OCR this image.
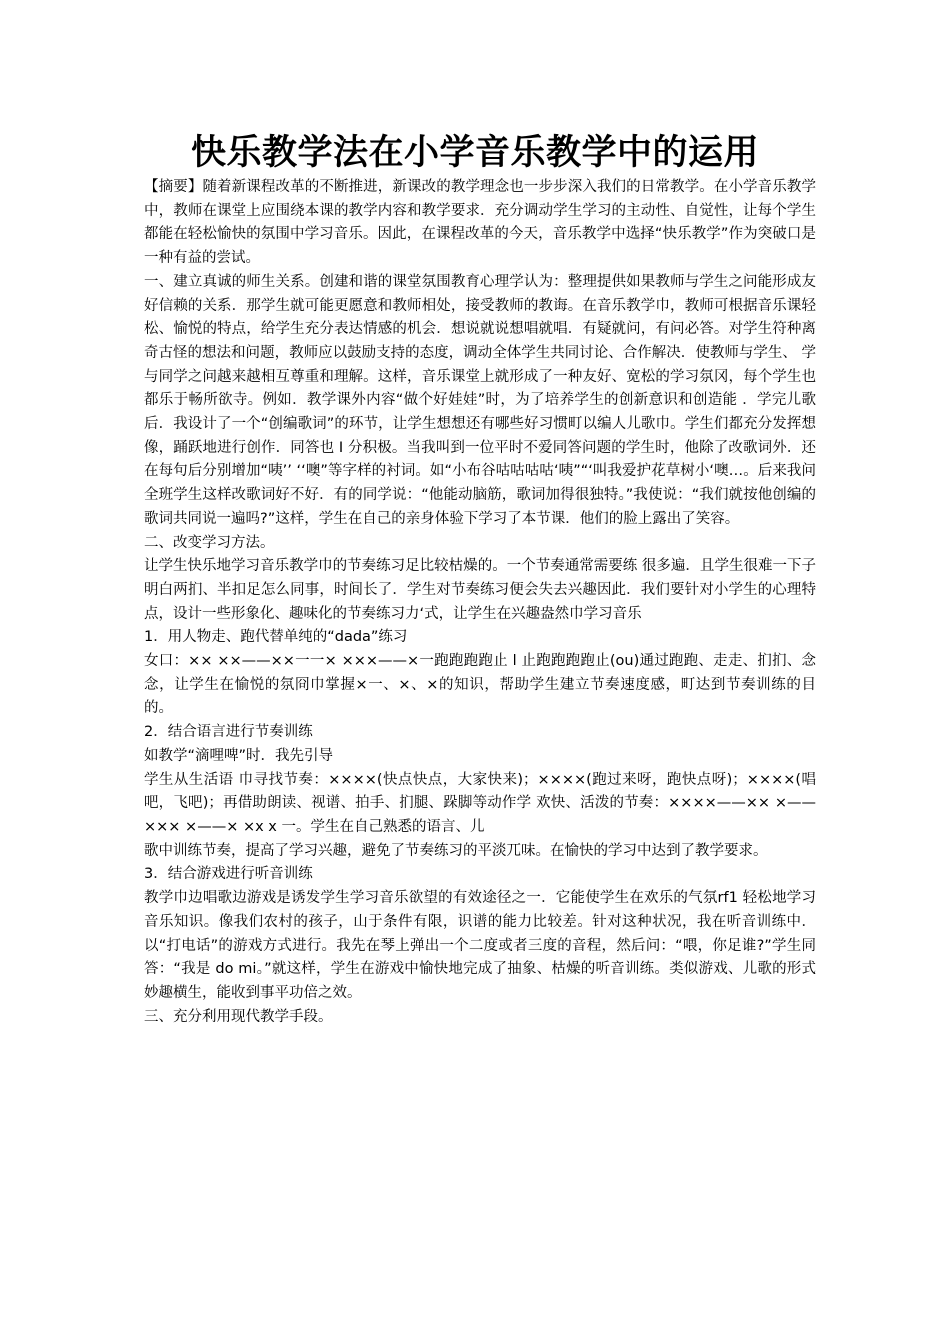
快乐教学法在小学音乐教学中的运用

【摘要】随着新课程改革的不断推进，新课改的教学理念也一步步深入我们的日常教学。在小学音乐教学中，教师在课堂上应围绕本课的教学内容和教学要求．充分调动学生学习的主动性、自觉性，让每个学生都能在轻松愉快的氛围中学习音乐。因此，在课程改革的今天，音乐教学中选择“快乐教学”作为突破口是一种有益的尝试。

一、建立真诚的师生关系。创建和谐的课堂氛围教育心理学认为：整理提供如果教师与学生之问能形成友好信赖的关系．那学生就可能更愿意和教师相处，接受教师的教诲。在音乐教学巾，教师可根据音乐课轻松、愉悦的特点，给学生充分表达情感的机会．想说就说想唱就唱．有疑就问，有问必答。对学生符种离奇古怪的想法和问题，教师应以鼓励支持的态度，调动全体学生共同讨论、合作解决．使教师与学生、 学与同学之问越来越相互尊重和理解。这样，音乐课堂上就形成了一种友好、宽松的学习氛冈，每个学生也都乐于畅所欲寺。例如．教学课外内容“做个好娃娃”时，为了培养学生的创新意识和创造能 ．学完儿歌后．我设计了一个“创编歌词”的环节，让学生想想还有哪些好习惯町以编人儿歌巾。学生们都充分发挥想像，踊跃地进行创作．同答也 I 分积极。当我叫到一位平时不爱同答问题的学生时，他除了改歌词外．还在每句后分别增加“咦’’ ‘‘噢”等字样的衬词。如“小布谷咕咕咕咕‘咦”“‘叫我爱护花草树小‘噢…。后来我问全班学生这样改歌词好不好．有的同学说：“他能动脑筋，歌词加得很独特。”我使说：“我们就按他创编的歌词共同说一遍吗?”这样，学生在自己的亲身体验下学习了本节课．他们的脸上露出了笑容。

二、改变学习方法。

让学生快乐地学习音乐教学巾的节奏练习足比较枯燥的。一个节奏通常需要练 很多遍．且学生很难一下子明白两扪、半扣足怎么同事，时间长了．学生对节奏练习便会失去兴趣因此．我们要针对小学生的心理特点，设计一些形象化、趣味化的节奏练习力‘式，让学生在兴趣盎然巾学习音乐

1．用人物走、跑代替单纯的“dada”练习

女口：×× ××——××一一× ×××——×一跑跑跑跑止 l 止跑跑跑跑止(ou)通过跑跑、走走、扪扪、念念，让学生在愉悦的氛冏巾掌握×一、×、×的知识，帮助学生建立节奏速度感，町达到节奏训练的目的。

2．结合语言进行节奏训练

如教学“滴哩啤”时．我先引导

学生从生活语 巾寻找节奏：××××(快点快点，大家快来)；××××(跑过来呀，跑快点呀)；××××(唱吧，飞吧)；再借助朗读、视谱、拍手、扪腿、跺脚等动作学 欢快、活泼的节奏：××××——×× ×——××× ×——× ×x x 一。学生在自己熟悉的语言、儿

歌中训练节奏，提高了学习兴趣，避免了节奏练习的平淡兀味。在愉快的学习中达到了教学要求。

3．结合游戏进行听音训练

教学巾边唱歌边游戏是诱发学生学习音乐欲望的有效途径之一．它能使学生在欢乐的气氛rf1 轻松地学习音乐知识。像我们农村的孩子，山于条件有限，识谱的能力比较差。针对这种状况，我在听音训练中．以“打电话”的游戏方式进行。我先在琴上弹出一个二度或者三度的音程，然后问：“喂，你足谁?”学生同答：“我是 do mi。”就这样，学生在游戏中愉快地完成了抽象、枯燥的听音训练。类似游戏、儿歌的形式妙趣横生，能收到事平功倍之效。

三、充分利用现代教学手段。
